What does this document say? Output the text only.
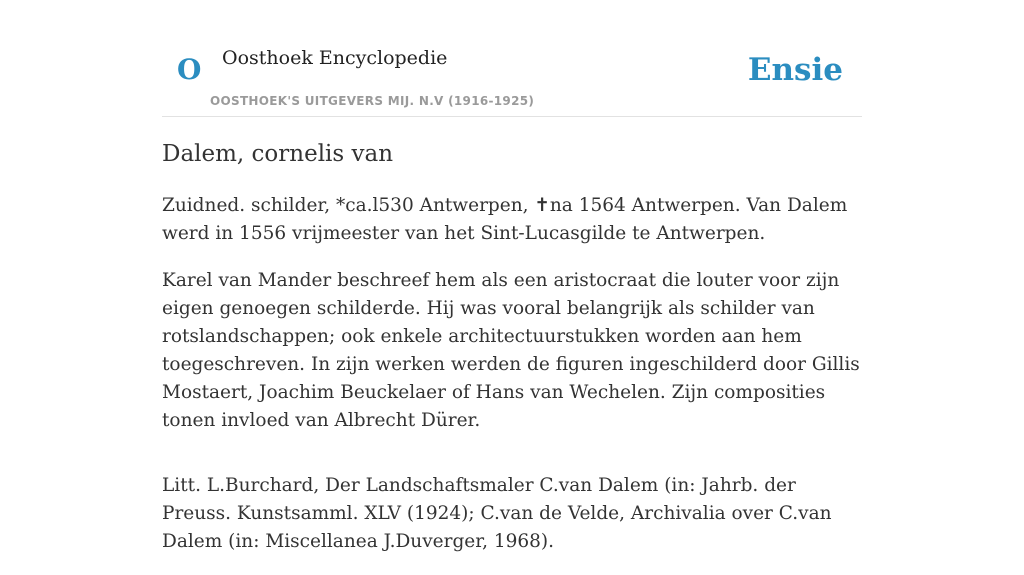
O Oosthoek Encyclopedie
OOSTHOEK'S UITGEVERS MIJ. N.V (1916-1925)
Ensie
Dalem, cornelis van

Zuidned. schilder, *ca.l530 Antwerpen, ✝na 1564 Antwerpen. Van Dalem werd in 1556 vrijmeester van het Sint-Lucasgilde te Antwerpen.

Karel van Mander beschreef hem als een aristocraat die louter voor zijn eigen genoegen schilderde. Hij was vooral belangrijk als schilder van rotslandschappen; ook enkele architectuurstukken worden aan hem toegeschreven. In zijn werken werden de figuren ingeschilderd door Gillis Mostaert, Joachim Beuckelaer of Hans van Wechelen. Zijn composities tonen invloed van Albrecht Dürer.

Litt. L.Burchard, Der Landschaftsmaler C.van Dalem (in: Jahrb. der Preuss. Kunstsamml. XLV (1924); C.van de Velde, Archivalia over C.van Dalem (in: Miscellanea J.Duverger, 1968).
